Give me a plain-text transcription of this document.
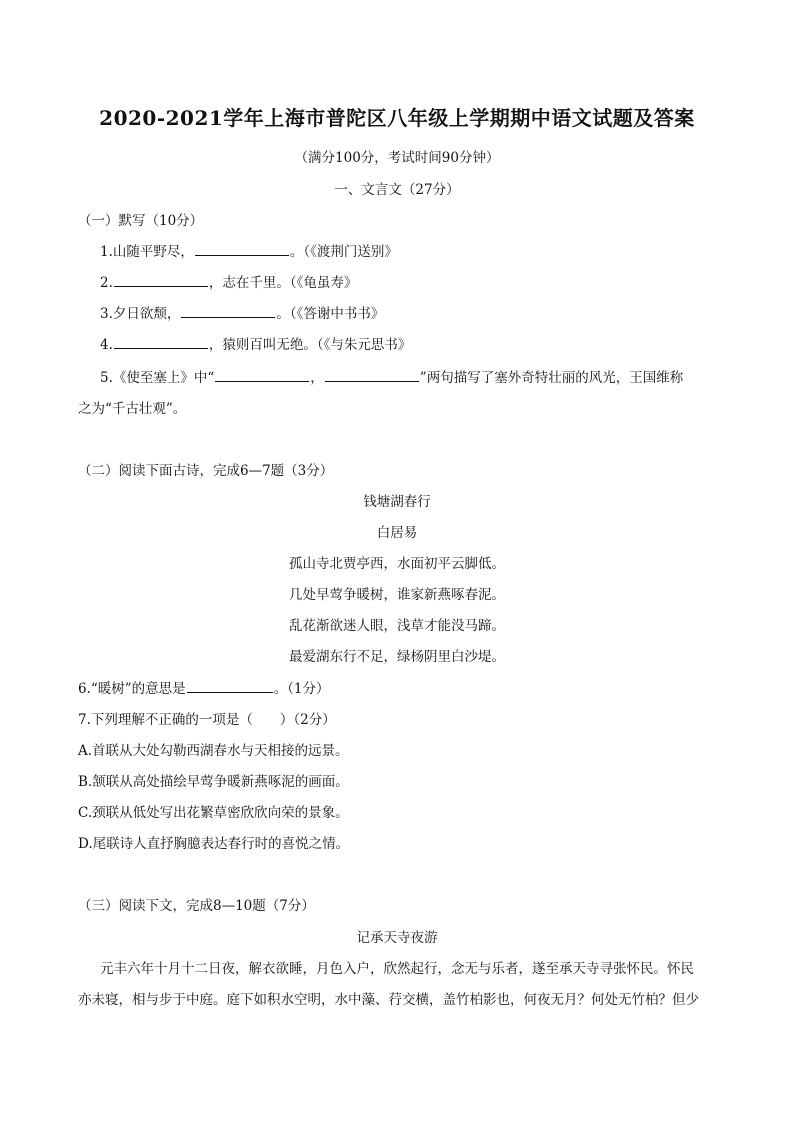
2020-2021学年上海市普陀区八年级上学期期中语文试题及答案
（满分100分，考试时间90分钟）
一、文言文（27分）
（一）默写（10分）
1.山随平野尽，	。（《渡荆门送别》
2.	，志在千里。（《龟虽寿》
3.夕日欲颓，	。（《答谢中书书》
4.	，猿则百叫无绝。（《与朱元思书》
5.《使至塞上》中“	，	”两句描写了塞外奇特壮丽的风光，王国维称
之为“千古壮观”。
（二）阅读下面古诗，完成6—7题（3分）
钱塘湖春行
白居易
孤山寺北贾亭西，水面初平云脚低。
几处早莺争暖树，谁家新燕啄春泥。
乱花渐欲迷人眼，浅草才能没马蹄。
最爱湖东行不足，绿杨阴里白沙堤。
6.“暖树”的意思是	。（1分）
7.下列理解不正确的一项是（　　）（2分）
A.首联从大处勾勒西湖春水与天相接的远景。
B.颔联从高处描绘早莺争暖新燕啄泥的画面。
C.颈联从低处写出花繁草密欣欣向荣的景象。
D.尾联诗人直抒胸臆表达春行时的喜悦之情。
（三）阅读下文，完成8—10题（7分）
记承天寺夜游
元丰六年十月十二日夜，解衣欲睡，月色入户，欣然起行，念无与乐者，遂至承天寺寻张怀民。怀民
亦未寝，相与步于中庭。庭下如积水空明，水中藻、荇交横，盖竹柏影也，何夜无月？何处无竹柏？但少
